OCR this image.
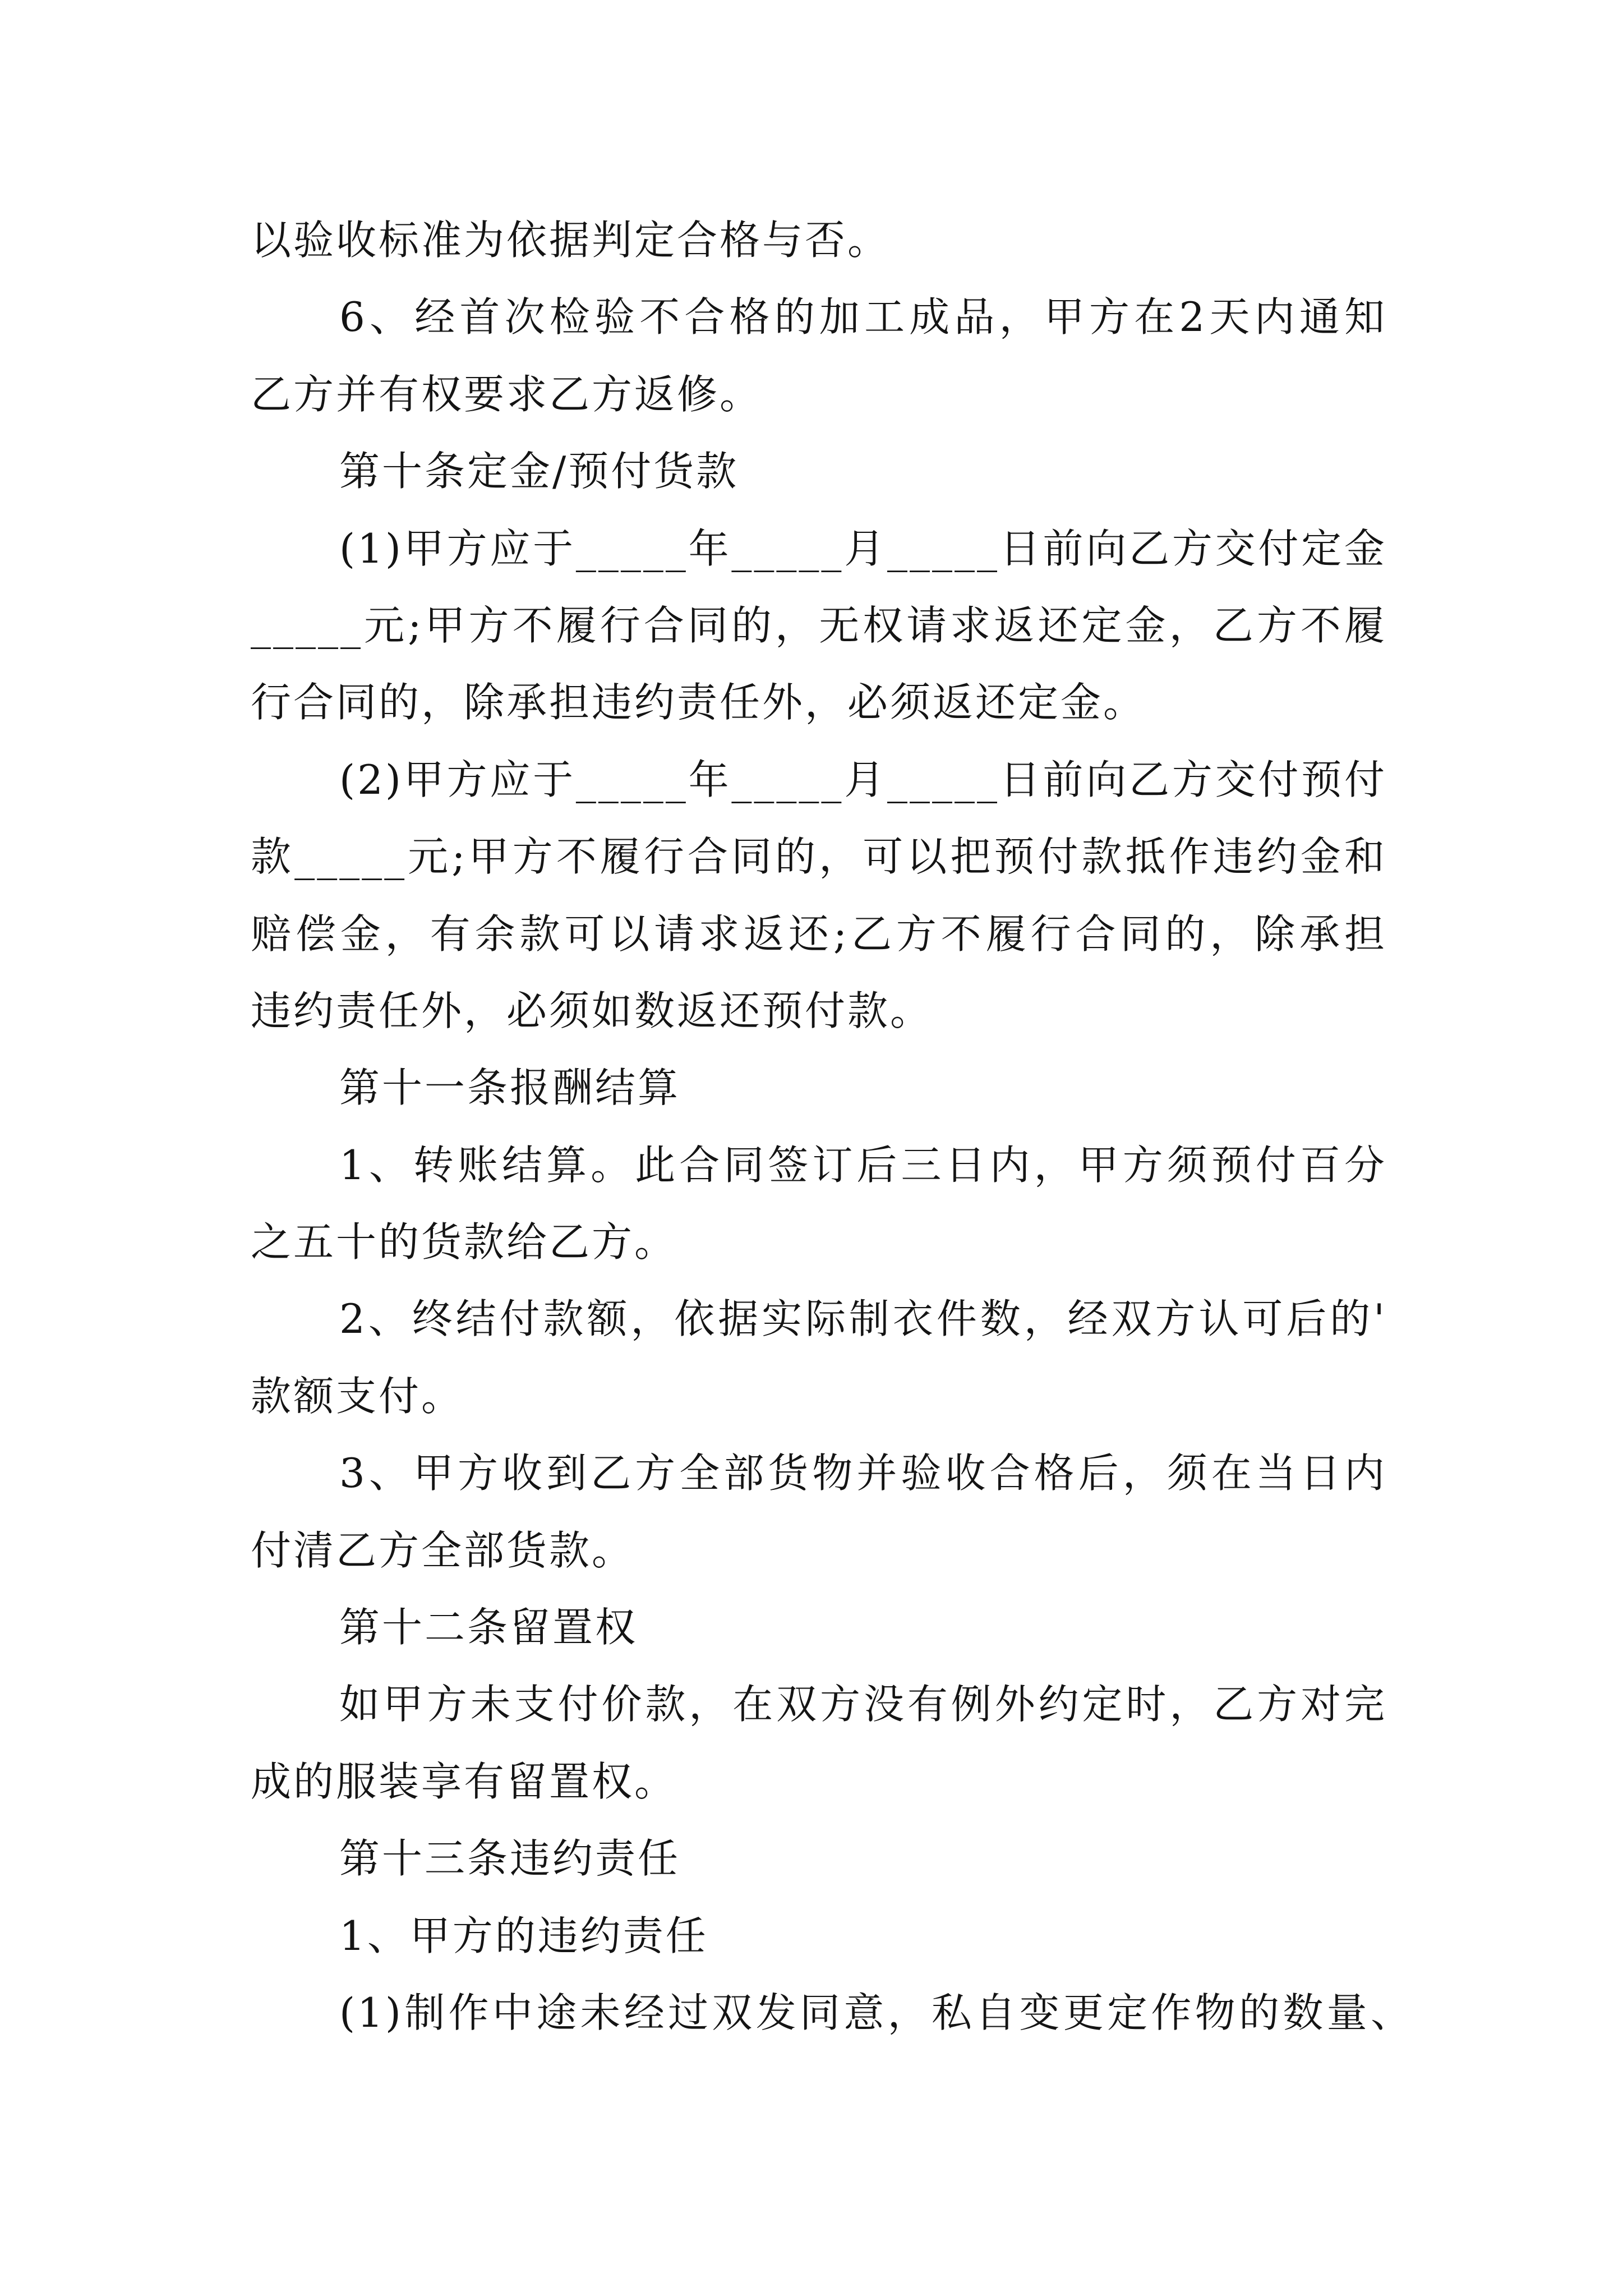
以验收标准为依据判定合格与否。
6、经首次检验不合格的加工成品，甲方在2天内通知
乙方并有权要求乙方返修。
第十条定金/预付货款
(1)甲方应于_____年_____月_____日前向乙方交付定金
_____元;甲方不履行合同的，无权请求返还定金，乙方不履
行合同的，除承担违约责任外，必须返还定金。
(2)甲方应于_____年_____月_____日前向乙方交付预付
款_____元;甲方不履行合同的，可以把预付款抵作违约金和
赔偿金，有余款可以请求返还;乙方不履行合同的，除承担
违约责任外，必须如数返还预付款。
第十一条报酬结算
1、转账结算。此合同签订后三日内，甲方须预付百分
之五十的货款给乙方。
2、终结付款额，依据实际制衣件数，经双方认可后的'
款额支付。
3、甲方收到乙方全部货物并验收合格后，须在当日内
付清乙方全部货款。
第十二条留置权
如甲方未支付价款，在双方没有例外约定时，乙方对完
成的服装享有留置权。
第十三条违约责任
1、甲方的违约责任
(1)制作中途未经过双发同意，私自变更定作物的数量、
